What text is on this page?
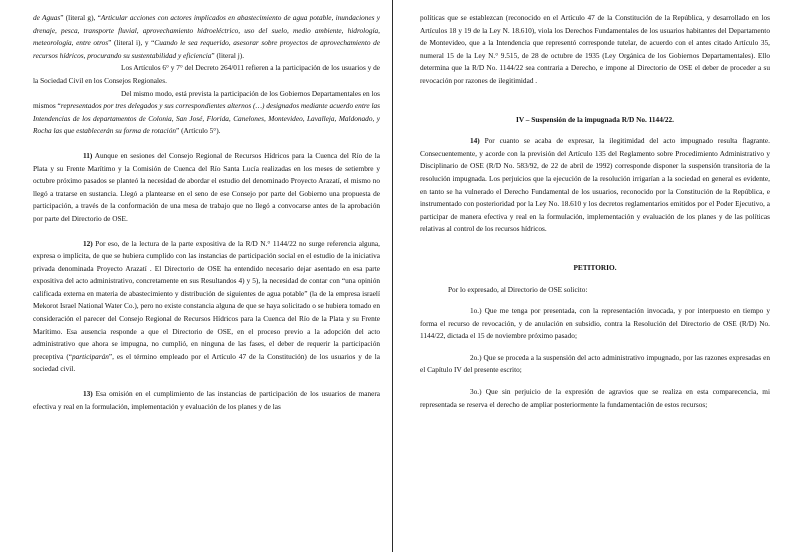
de Aguas” (literal g), “Articular acciones con actores implicados en abastecimiento de agua potable, inundaciones y drenaje, pesca, transporte fluvial, aprovechamiento hidroeléctrico, uso del suelo, medio ambiente, hidrología, meteorología, entre otros” (literal i), y “Cuando le sea requerido, asesorar sobre proyectos de aprovechamiento de recursos hídricos, procurando su sustentabilidad y eficiencia” (literal j).

Los Artículos 6° y 7° del Decreto 264/011 refieren a la participación de los usuarios y de la Sociedad Civil en los Consejos Regionales.

Del mismo modo, está prevista la participación de los Gobiernos Departamentales en los mismos “representados por tres delegados y sus correspondientes alternos (…) designados mediante acuerdo entre las Intendencias de los departamentos de Colonia, San José, Florida, Canelones, Montevideo, Lavalleja, Maldonado, y Rocha las que establecerán su forma de rotación” (Artículo 5°).

11) Aunque en sesiones del Consejo Regional de Recursos Hídricos para la Cuenca del Río de la Plata y su Frente Marítimo y la Comisión de Cuenca del Río Santa Lucía realizadas en los meses de setiembre y octubre próximo pasados se planteó la necesidad de abordar el estudio del denominado Proyecto Arazatí, el mismo no llegó a tratarse en sustancia. Llegó a plantearse en el seno de ese Consejo por parte del Gobierno una propuesta de participación, a través de la conformación de una mesa de trabajo que no llegó a convocarse antes de la aprobación por parte del Directorio de OSE.

12) Por eso, de la lectura de la parte expositiva de la R/D N.° 1144/22 no surge referencia alguna, expresa o implícita, de que se hubiera cumplido con las instancias de participación social en el estudio de la iniciativa privada denominada Proyecto Arazatí . El Directorio de OSE ha entendido necesario dejar asentado en esa parte expositiva del acto administrativo, concretamente en sus Resultandos 4) y 5), la necesidad de contar con “una opinión calificada externa en materia de abastecimiento y distribución de siguientes de agua potable” (la de la empresa israelí Mekorot Israel National Water Co.), pero no existe constancia alguna de que se haya solicitado o se hubiera tomado en consideración el parecer del Consejo Regional de Recursos Hídricos para la Cuenca del Río de la Plata y su Frente Marítimo. Esa ausencia responde a que el Directorio de OSE, en el proceso previo a la adopción del acto administrativo que ahora se impugna, no cumplió, en ninguna de las fases, el deber de requerir la participación preceptiva (“participarán”, es el término empleado por el Artículo 47 de la Constitución) de los usuarios y de la sociedad civil.

13) Esa omisión en el cumplimiento de las instancias de participación de los usuarios de manera efectiva y real en la formulación, implementación y evaluación de los planes y de las

políticas que se establezcan (reconocido en el Artículo 47 de la Constitución de la República, y desarrollado en los Artículos 18 y 19 de la Ley N. 18.610), viola los Derechos Fundamentales de los usuarios habitantes del Departamento de Montevideo, que a la Intendencia que representó corresponde tutelar, de acuerdo con el antes citado Artículo 35, numeral 15 de la Ley N.° 9.515, de 28 de octubre de 1935 (Ley Orgánica de los Gobiernos Departamentales). Ello determina que la R/D No. 1144/22 sea contraria a Derecho, e impone al Directorio de OSE el deber de proceder a su revocación por razones de ilegitimidad .

IV – Suspensión de la impugnada R/D No. 1144/22.

14) Por cuanto se acaba de expresar, la ilegitimidad del acto impugnado resulta flagrante. Consecuentemente, y acorde con la previsión del Artículo 135 del Reglamento sobre Procedimiento Administrativo y Disciplinario de OSE (R/D No. 583/92, de 22 de abril de 1992) corresponde disponer la suspensión transitoria de la resolución impugnada. Los perjuicios que la ejecución de la resolución irrigarían a la sociedad en general es evidente, en tanto se ha vulnerado el Derecho Fundamental de los usuarios, reconocido por la Constitución de la República, e instrumentado con posterioridad por la Ley No. 18.610 y los decretos reglamentarios emitidos por el Poder Ejecutivo, a participar de manera efectiva y real en la formulación, implementación y evaluación de los planes y de las políticas relativas al control de los recursos hídricos.

PETITORIO.

Por lo expresado, al Directorio de OSE solicito:

1o.) Que me tenga por presentada, con la representación invocada, y por interpuesto en tiempo y forma el recurso de revocación, y de anulación en subsidio, contra la Resolución del Directorio de OSE (R/D) No. 1144/22, dictada el 15 de noviembre próximo pasado;

2o.) Que se proceda a la suspensión del acto administrativo impugnado, por las razones expresadas en el Capítulo IV del presente escrito;

3o.) Que sin perjuicio de la expresión de agravios que se realiza en esta comparecencia, mi representada se reserva el derecho de ampliar posteriormente la fundamentación de estos recursos;
